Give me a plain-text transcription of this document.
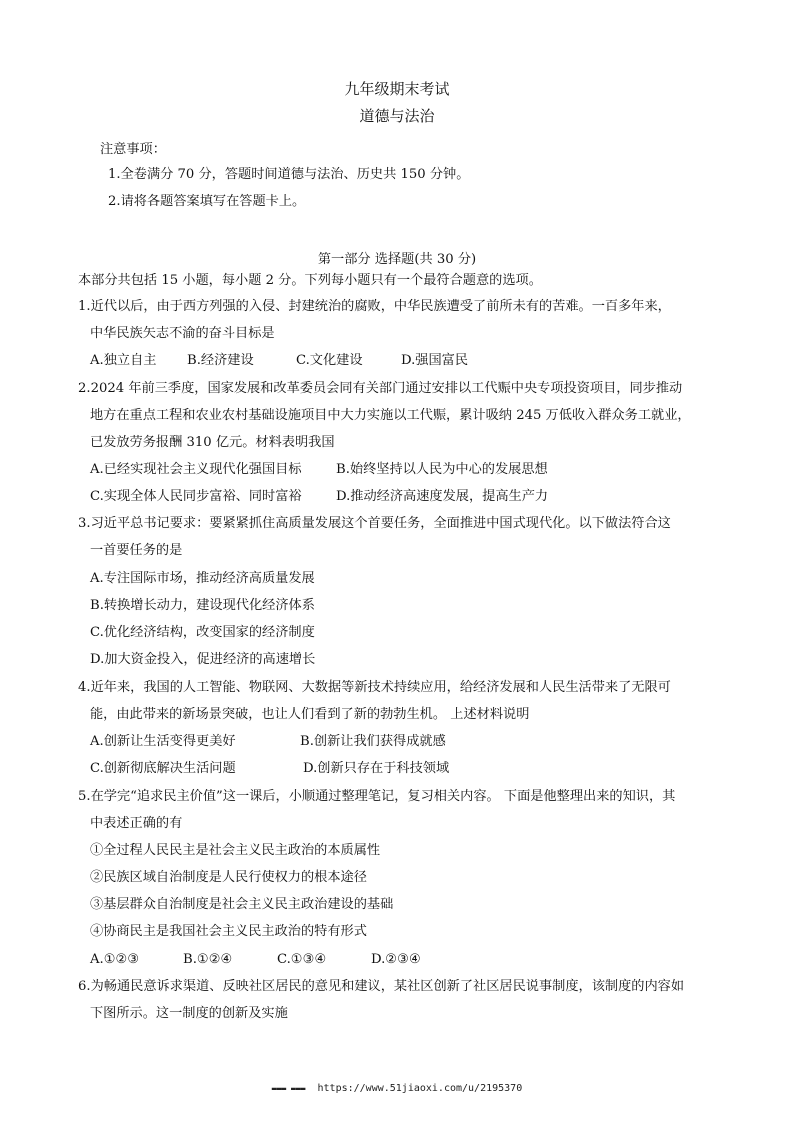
九年级期末考试
道德与法治
注意事项：
1.全卷满分 70 分，答题时间道德与法治、历史共 150 分钟。
2.请将各题答案填写在答题卡上。
第一部分 选择题(共 30 分)
本部分共包括 15 小题，每小题 2 分。下列每小题只有一个最符合题意的选项。
1.近代以后，由于西方列强的入侵、封建统治的腐败，中华民族遭受了前所未有的苦难。一百多年来，
中华民族矢志不渝的奋斗目标是
A.独立自主 B.经济建设	C.文化建设	D.强国富民
2.2024 年前三季度，国家发展和改革委员会同有关部门通过安排以工代赈中央专项投资项目，同步推动
地方在重点工程和农业农村基础设施项目中大力实施以工代赈，累计吸纳 245 万低收入群众务工就业，
已发放劳务报酬 310 亿元。材料表明我国
A.已经实现社会主义现代化强国目标	B.始终坚持以人民为中心的发展思想
C.实现全体人民同步富裕、同时富裕	D.推动经济高速度发展，提高生产力
3.习近平总书记要求：要紧紧抓住高质量发展这个首要任务，全面推进中国式现代化。以下做法符合这
一首要任务的是
A.专注国际市场，推动经济高质量发展
B.转换增长动力，建设现代化经济体系
C.优化经济结构，改变国家的经济制度
D.加大资金投入，促进经济的高速增长
4.近年来，我国的人工智能、物联网、大数据等新技术持续应用，给经济发展和人民生活带来了无限可
能，由此带来的新场景突破，也让人们看到了新的勃勃生机。 上述材料说明
A.创新让生活变得更美好	B.创新让我们获得成就感
C.创新彻底解决生活问题	D.创新只存在于科技领域
5.在学完“追求民主价值”这一课后，小顺通过整理笔记，复习相关内容。 下面是他整理出来的知识，其
中表述正确的有
①全过程人民民主是社会主义民主政治的本质属性
②民族区域自治制度是人民行使权力的根本途径
③基层群众自治制度是社会主义民主政治建设的基础
④协商民主是我国社会主义民主政治的特有形式
A.①②③	B.①②④	C.①③④	D.②③④
6.为畅通民意诉求渠道、反映社区居民的意见和建议，某社区创新了社区居民说事制度，该制度的内容如
下图所示。这一制度的创新及实施
▬▬▬ ▬▬▬ https://www.51jiaoxi.com/u/2195370
